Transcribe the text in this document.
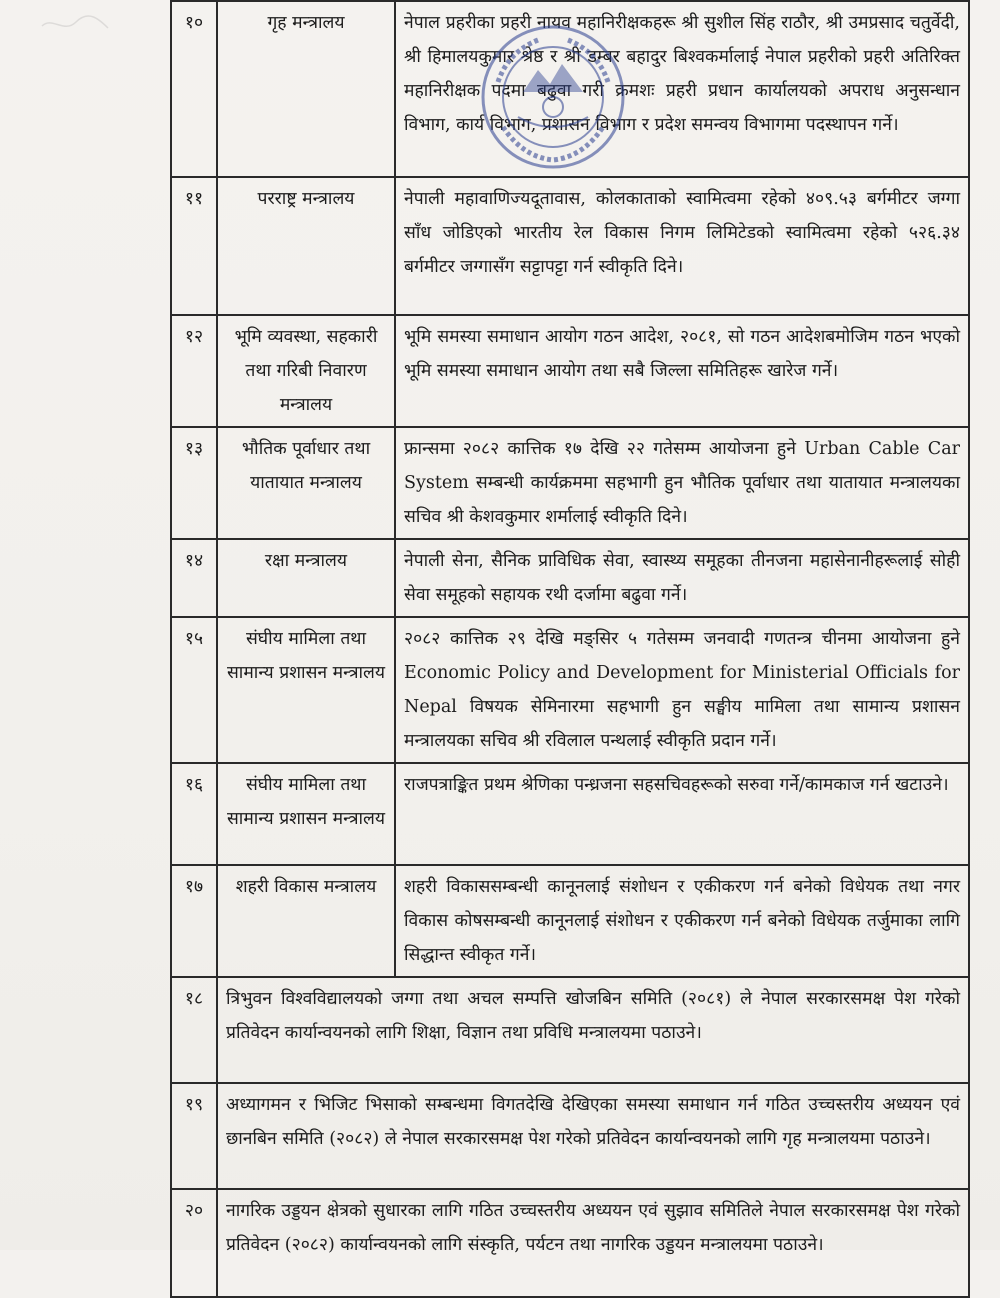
१०	गृह मन्त्रालय	नेपाल प्रहरीका प्रहरी नायव महानिरीक्षकहरू श्री सुशील सिंह राठौर, श्री उमप्रसाद चतुर्वेदी, श्री हिमालयकुमार श्रेष्ठ र श्री डम्बर बहादुर बिश्वकर्मालाई नेपाल प्रहरीको प्रहरी अतिरिक्त महानिरीक्षक पदमा बढुवा गरी क्रमशः प्रहरी प्रधान कार्यालयको अपराध अनुसन्धान विभाग, कार्य विभाग, प्रशासन विभाग र प्रदेश समन्वय विभागमा पदस्थापन गर्ने।
११	परराष्ट्र मन्त्रालय	नेपाली महावाणिज्यदूतावास, कोलकाताको स्वामित्वमा रहेको ४०९.५३ बर्गमीटर जग्गा साँध जोडिएको भारतीय रेल विकास निगम लिमिटेडको स्वामित्वमा रहेको ५२६.३४ बर्गमीटर जग्गासँग सट्टापट्टा गर्न स्वीकृति दिने।
१२	भूमि व्यवस्था, सहकारी तथा गरिबी निवारण मन्त्रालय	भूमि समस्या समाधान आयोग गठन आदेश, २०८१, सो गठन आदेशबमोजिम गठन भएको भूमि समस्या समाधान आयोग तथा सबै जिल्ला समितिहरू खारेज गर्ने।
१३	भौतिक पूर्वाधार तथा यातायात मन्त्रालय	फ्रान्समा २०८२ कात्तिक १७ देखि २२ गतेसम्म आयोजना हुने Urban Cable Car System सम्बन्धी कार्यक्रममा सहभागी हुन भौतिक पूर्वाधार तथा यातायात मन्त्रालयका सचिव श्री केशवकुमार शर्मालाई स्वीकृति दिने।
१४	रक्षा मन्त्रालय	नेपाली सेना, सैनिक प्राविधिक सेवा, स्वास्थ्य समूहका तीनजना महासेनानीहरूलाई सोही सेवा समूहको सहायक रथी दर्जामा बढुवा गर्ने।
१५	संघीय मामिला तथा सामान्य प्रशासन मन्त्रालय	२०८२ कात्तिक २९ देखि मङ्सिर ५ गतेसम्म जनवादी गणतन्त्र चीनमा आयोजना हुने Economic Policy and Development for Ministerial Officials for Nepal विषयक सेमिनारमा सहभागी हुन सङ्घीय मामिला तथा सामान्य प्रशासन मन्त्रालयका सचिव श्री रविलाल पन्थलाई स्वीकृति प्रदान गर्ने।
१६	संघीय मामिला तथा सामान्य प्रशासन मन्त्रालय	राजपत्राङ्कित प्रथम श्रेणिका पन्ध्रजना सहसचिवहरूको सरुवा गर्ने/कामकाज गर्न खटाउने।
१७	शहरी विकास मन्त्रालय	शहरी विकाससम्बन्धी कानूनलाई संशोधन र एकीकरण गर्न बनेको विधेयक तथा नगर विकास कोषसम्बन्धी कानूनलाई संशोधन र एकीकरण गर्न बनेको विधेयक तर्जुमाका लागि सिद्धान्त स्वीकृत गर्ने।
१८	त्रिभुवन विश्वविद्यालयको जग्गा तथा अचल सम्पत्ति खोजबिन समिति (२०८१) ले नेपाल सरकारसमक्ष पेश गरेको प्रतिवेदन कार्यान्वयनको लागि शिक्षा, विज्ञान तथा प्रविधि मन्त्रालयमा पठाउने।	
१९	अध्यागमन र भिजिट भिसाको सम्बन्धमा विगतदेखि देखिएका समस्या समाधान गर्न गठित उच्चस्तरीय अध्ययन एवं छानबिन समिति (२०८२) ले नेपाल सरकारसमक्ष पेश गरेको प्रतिवेदन कार्यान्वयनको लागि गृह मन्त्रालयमा पठाउने।	
२०	नागरिक उड्डयन क्षेत्रको सुधारका लागि गठित उच्चस्तरीय अध्ययन एवं सुझाव समितिले नेपाल सरकारसमक्ष पेश गरेको प्रतिवेदन (२०८२) कार्यान्वयनको लागि संस्कृति, पर्यटन तथा नागरिक उड्डयन मन्त्रालयमा पठाउने।	
